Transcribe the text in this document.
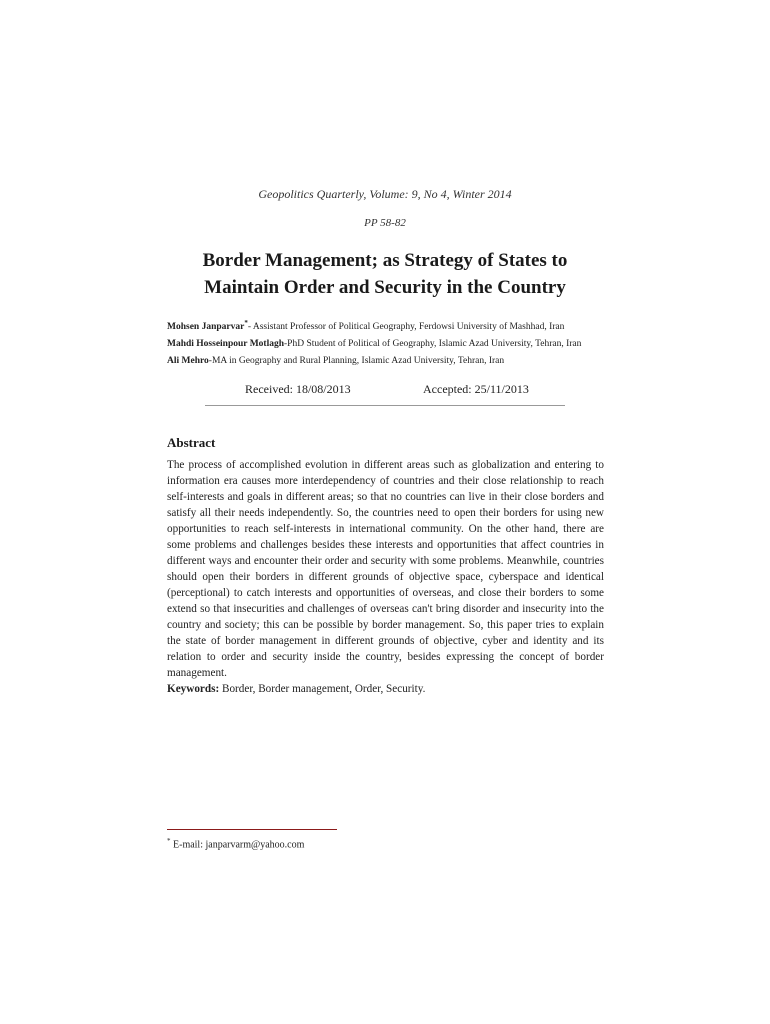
Geopolitics Quarterly, Volume: 9, No 4, Winter 2014
PP 58-82
Border Management; as Strategy of States to
Maintain Order and Security in the Country
Mohsen Janparvar*- Assistant Professor of Political Geography, Ferdowsi University of Mashhad, Iran
Mahdi Hosseinpour Motlagh-PhD Student of Political of Geography, Islamic Azad University, Tehran, Iran
Ali Mehro-MA in Geography and Rural Planning, Islamic Azad University, Tehran, Iran
Received: 18/08/2013	Accepted: 25/11/2013
Abstract
The process of accomplished evolution in different areas such as globalization and entering to information era causes more interdependency of countries and their close relationship to reach self-interests and goals in different areas; so that no countries can live in their close borders and satisfy all their needs independently. So, the countries need to open their borders for using new opportunities to reach self-interests in international community. On the other hand, there are some problems and challenges besides these interests and opportunities that affect countries in different ways and encounter their order and security with some problems. Meanwhile, countries should open their borders in different grounds of objective space, cyberspace and identical (perceptional) to catch interests and opportunities of overseas, and close their borders to some extend so that insecurities and challenges of overseas can't bring disorder and insecurity into the country and society; this can be possible by border management. So, this paper tries to explain the state of border management in different grounds of objective, cyber and identity and its relation to order and security inside the country, besides expressing the concept of border management.
Keywords: Border, Border management, Order, Security.
* E-mail: janparvarm@yahoo.com
